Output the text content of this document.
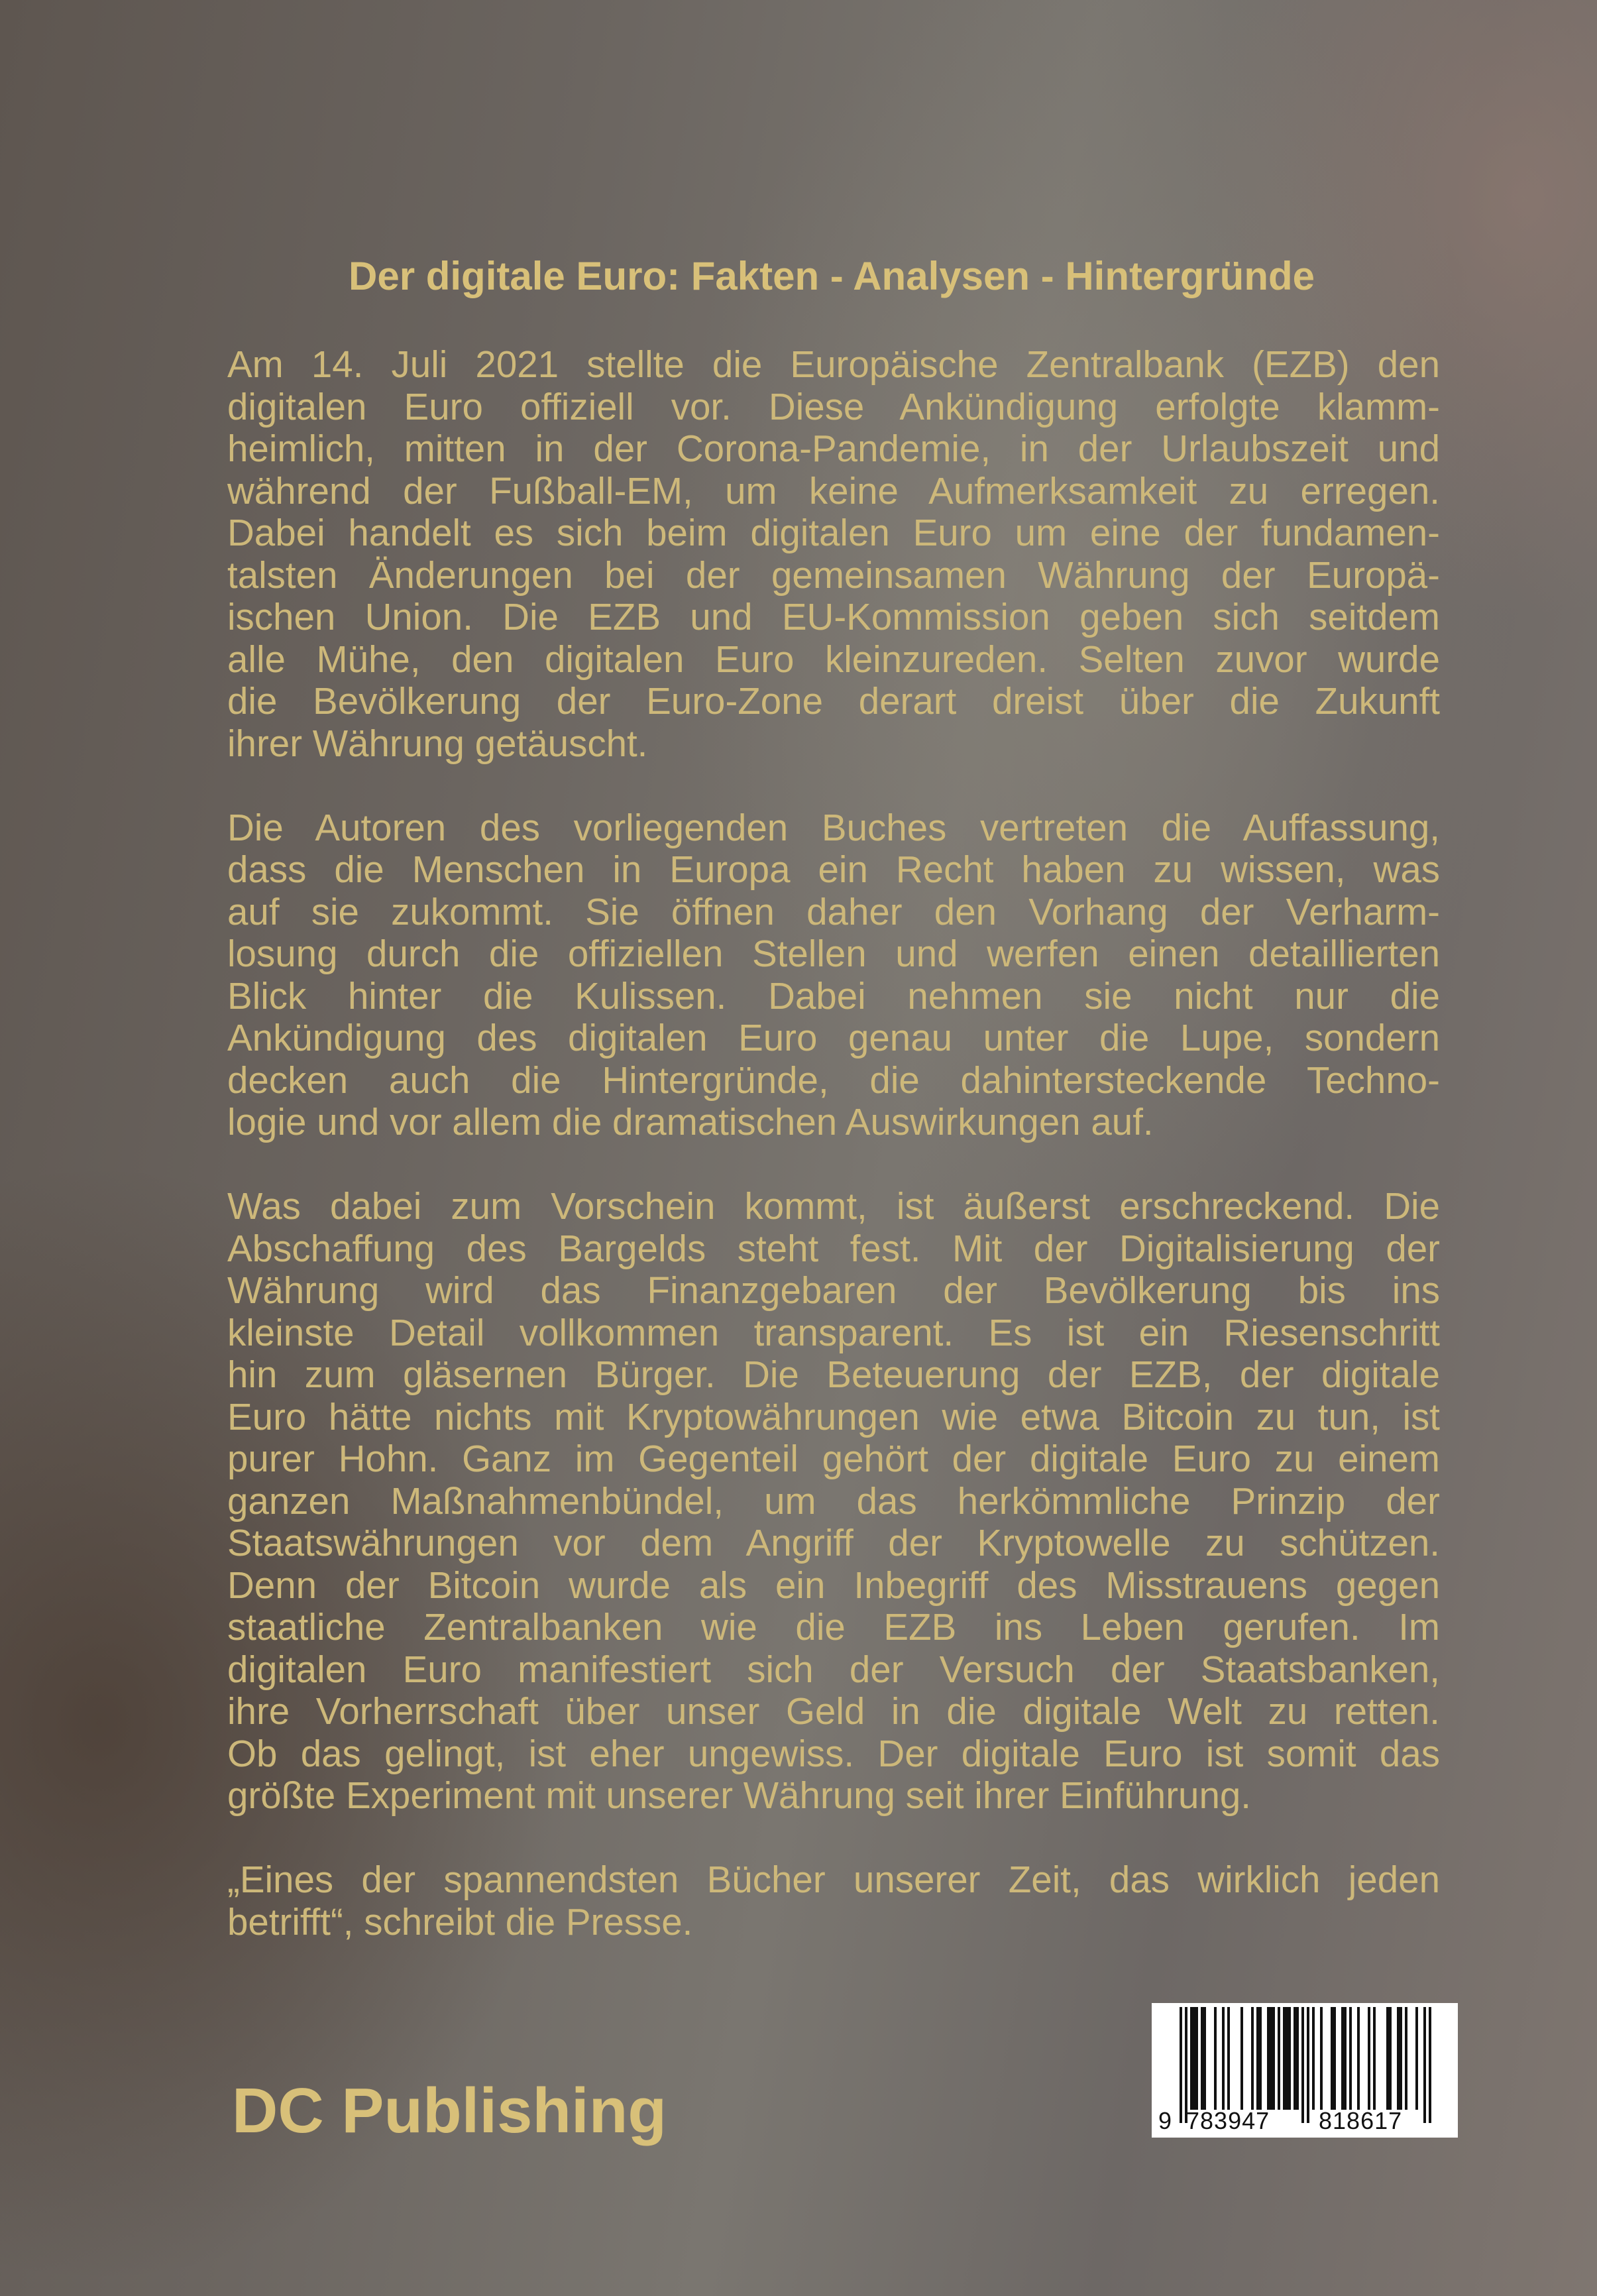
Der digitale Euro: Fakten - Analysen - Hintergründe

Am 14. Juli 2021 stellte die Europäische Zentralbank (EZB) den
digitalen Euro offiziell vor. Diese Ankündigung erfolgte klamm-
heimlich, mitten in der Corona-Pandemie, in der Urlaubszeit und
während der Fußball-EM, um keine Aufmerksamkeit zu erregen.
Dabei handelt es sich beim digitalen Euro um eine der fundamen-
talsten Änderungen bei der gemeinsamen Währung der Europä-
ischen Union. Die EZB und EU-Kommission geben sich seitdem
alle Mühe, den digitalen Euro kleinzureden. Selten zuvor wurde
die Bevölkerung der Euro-Zone derart dreist über die Zukunft
ihrer Währung getäuscht.

Die Autoren des vorliegenden Buches vertreten die Auffassung,
dass die Menschen in Europa ein Recht haben zu wissen, was
auf sie zukommt. Sie öffnen daher den Vorhang der Verharm-
losung durch die offiziellen Stellen und werfen einen detaillierten
Blick hinter die Kulissen. Dabei nehmen sie nicht nur die
Ankündigung des digitalen Euro genau unter die Lupe, sondern
decken auch die Hintergründe, die dahintersteckende Techno-
logie und vor allem die dramatischen Auswirkungen auf.

Was dabei zum Vorschein kommt, ist äußerst erschreckend. Die
Abschaffung des Bargelds steht fest. Mit der Digitalisierung der
Währung wird das Finanzgebaren der Bevölkerung bis ins
kleinste Detail vollkommen transparent. Es ist ein Riesenschritt
hin zum gläsernen Bürger. Die Beteuerung der EZB, der digitale
Euro hätte nichts mit Kryptowährungen wie etwa Bitcoin zu tun, ist
purer Hohn. Ganz im Gegenteil gehört der digitale Euro zu einem
ganzen Maßnahmenbündel, um das herkömmliche Prinzip der
Staatswährungen vor dem Angriff der Kryptowelle zu schützen.
Denn der Bitcoin wurde als ein Inbegriff des Misstrauens gegen
staatliche Zentralbanken wie die EZB ins Leben gerufen. Im
digitalen Euro manifestiert sich der Versuch der Staatsbanken,
ihre Vorherrschaft über unser Geld in die digitale Welt zu retten.
Ob das gelingt, ist eher ungewiss. Der digitale Euro ist somit das
größte Experiment mit unserer Währung seit ihrer Einführung.

„Eines der spannendsten Bücher unserer Zeit, das wirklich jeden
betrifft“, schreibt die Presse.

DC Publishing	9 783947 818617
